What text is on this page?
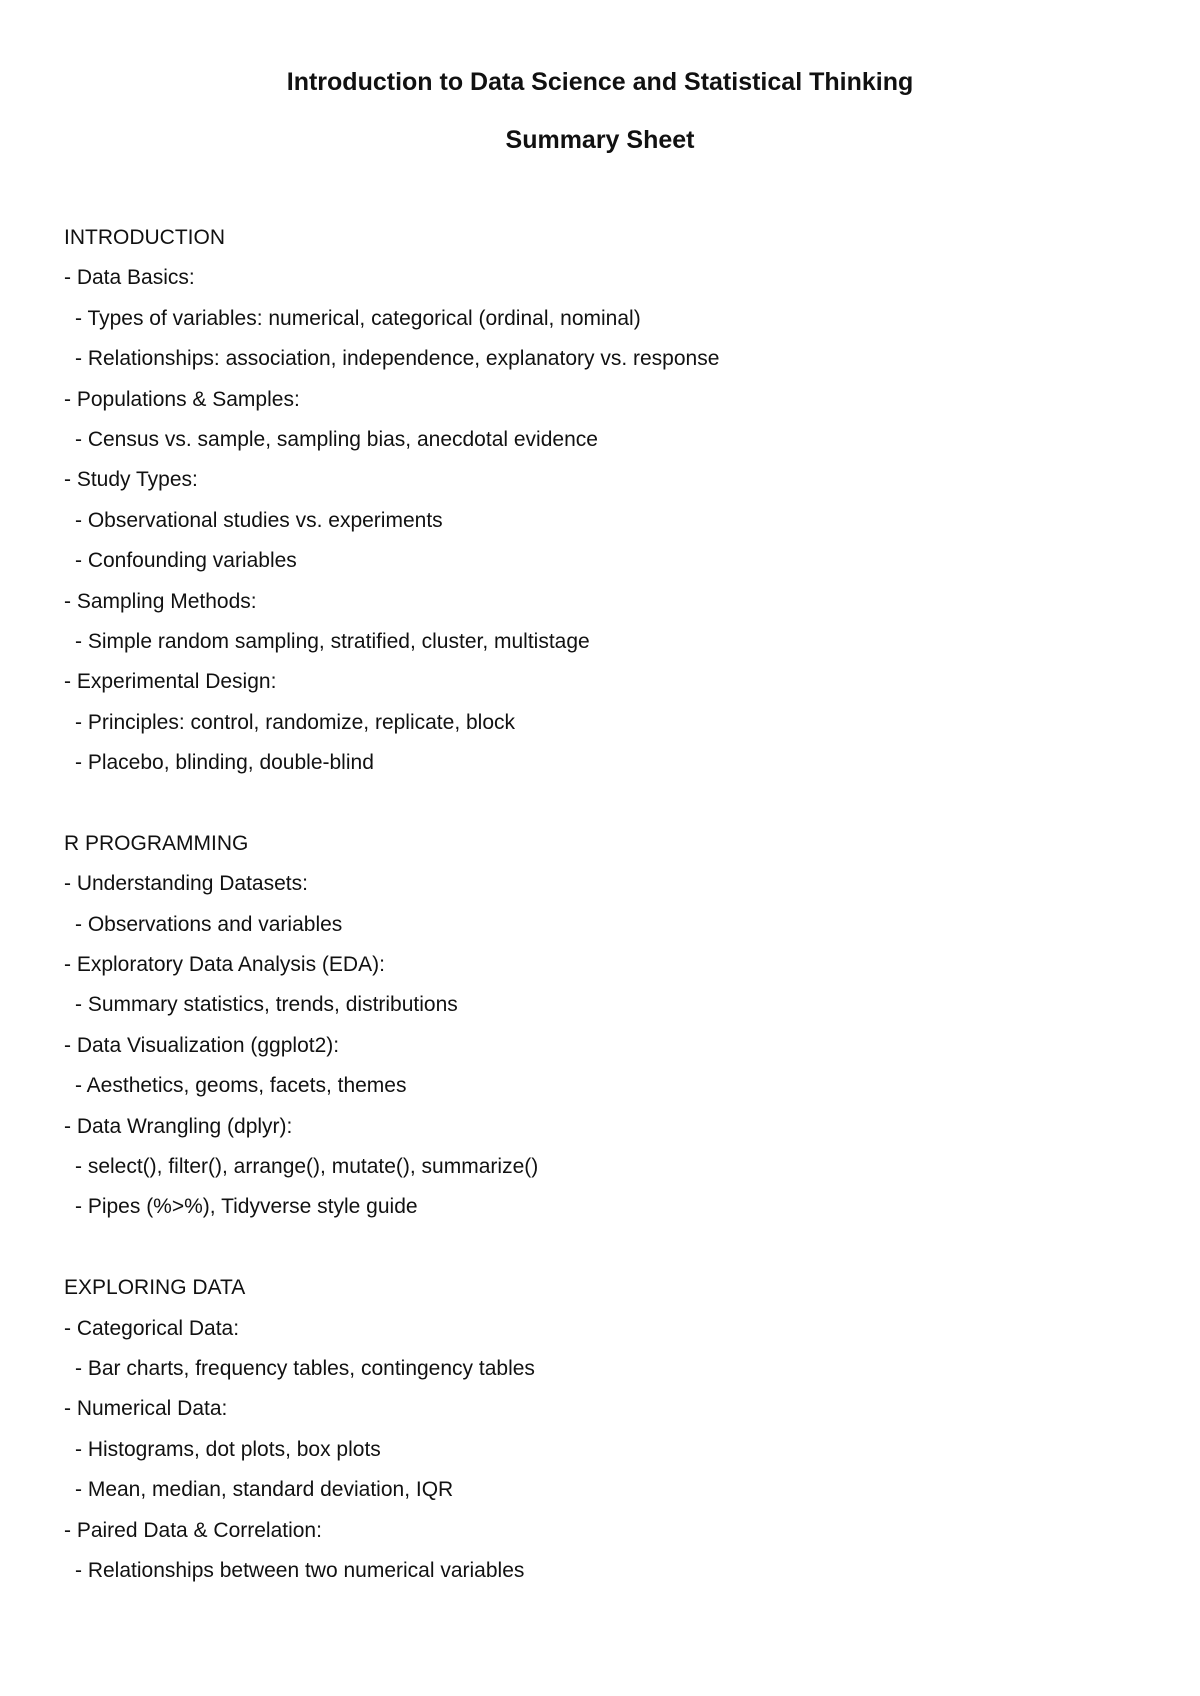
Introduction to Data Science and Statistical Thinking
Summary Sheet
INTRODUCTION
- Data Basics:
- Types of variables: numerical, categorical (ordinal, nominal)
- Relationships: association, independence, explanatory vs. response
- Populations & Samples:
- Census vs. sample, sampling bias, anecdotal evidence
- Study Types:
- Observational studies vs. experiments
- Confounding variables
- Sampling Methods:
- Simple random sampling, stratified, cluster, multistage
- Experimental Design:
- Principles: control, randomize, replicate, block
- Placebo, blinding, double-blind
R PROGRAMMING
- Understanding Datasets:
- Observations and variables
- Exploratory Data Analysis (EDA):
- Summary statistics, trends, distributions
- Data Visualization (ggplot2):
- Aesthetics, geoms, facets, themes
- Data Wrangling (dplyr):
- select(), filter(), arrange(), mutate(), summarize()
- Pipes (%>%), Tidyverse style guide
EXPLORING DATA
- Categorical Data:
- Bar charts, frequency tables, contingency tables
- Numerical Data:
- Histograms, dot plots, box plots
- Mean, median, standard deviation, IQR
- Paired Data & Correlation:
- Relationships between two numerical variables
